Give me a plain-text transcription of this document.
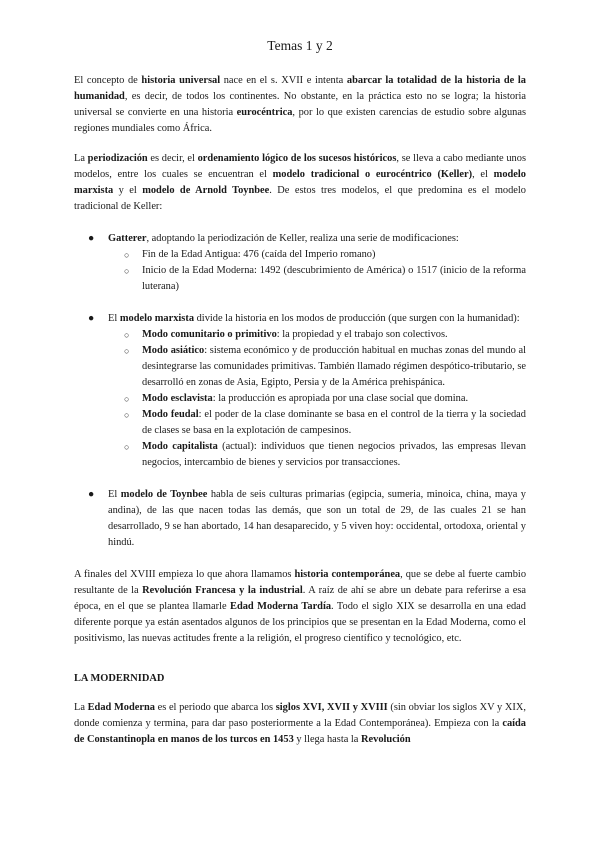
Temas 1 y 2

El concepto de historia universal nace en el s. XVII e intenta abarcar la totalidad de la historia de la humanidad, es decir, de todos los continentes. No obstante, en la práctica esto no se logra; la historia universal se convierte en una historia eurocéntrica, por lo que existen carencias de estudio sobre algunas regiones mundiales como África.

La periodización es decir, el ordenamiento lógico de los sucesos históricos, se lleva a cabo mediante unos modelos, entre los cuales se encuentran el modelo tradicional o eurocéntrico (Keller), el modelo marxista y el modelo de Arnold Toynbee. De estos tres modelos, el que predomina es el modelo tradicional de Keller:

● Gatterer, adoptando la periodización de Keller, realiza una serie de modificaciones:
○ Fin de la Edad Antigua: 476 (caída del Imperio romano)
○ Inicio de la Edad Moderna: 1492 (descubrimiento de América) o 1517 (inicio de la reforma luterana)
● El modelo marxista divide la historia en los modos de producción (que surgen con la humanidad):
○ Modo comunitario o primitivo: la propiedad y el trabajo son colectivos.
○ Modo asiático: sistema económico y de producción habitual en muchas zonas del mundo al desintegrarse las comunidades primitivas. También llamado régimen despótico-tributario, se desarrolló en zonas de Asia, Egipto, Persia y de la América prehispánica.
○ Modo esclavista: la producción es apropiada por una clase social que domina.
○ Modo feudal: el poder de la clase dominante se basa en el control de la tierra y la sociedad de clases se basa en la explotación de campesinos.
○ Modo capitalista (actual): individuos que tienen negocios privados, las empresas llevan negocios, intercambio de bienes y servicios por transacciones.
● El modelo de Toynbee habla de seis culturas primarias (egipcia, sumeria, minoica, china, maya y andina), de las que nacen todas las demás, que son un total de 29, de las cuales 21 se han desarrollado, 9 se han abortado, 14 han desaparecido, y 5 viven hoy: occidental, ortodoxa, oriental y hindú.

A finales del XVIII empieza lo que ahora llamamos historia contemporánea, que se debe al fuerte cambio resultante de la Revolución Francesa y la industrial. A raíz de ahí se abre un debate para referirse a esa época, en el que se plantea llamarle Edad Moderna Tardía. Todo el siglo XIX se desarrolla en una edad diferente porque ya están asentados algunos de los principios que se presentan en la Edad Moderna, como el positivismo, las nuevas actitudes frente a la religión, el progreso científico y tecnológico, etc.

LA MODERNIDAD

La Edad Moderna es el periodo que abarca los siglos XVI, XVII y XVIII (sin obviar los siglos XV y XIX, donde comienza y termina, para dar paso posteriormente a la Edad Contemporánea). Empieza con la caída de Constantinopla en manos de los turcos en 1453 y llega hasta la Revolución
